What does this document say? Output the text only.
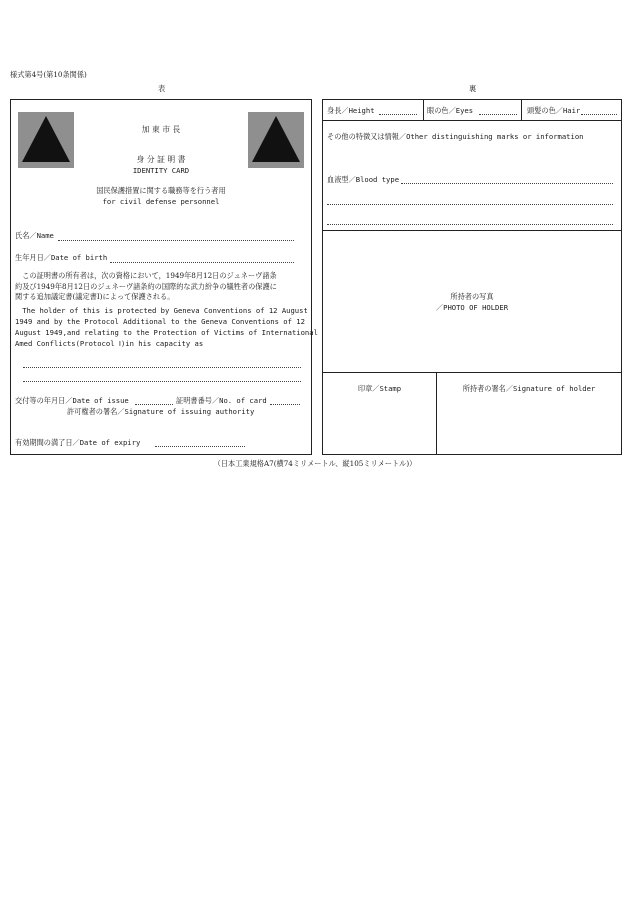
様式第4号(第10条関係)
表	裏
加 東 市 長
身 分 証 明 書
IDENTITY CARD
国民保護措置に関する職務等を行う者用
for civil defense personnel
氏名／Name
生年月日／Date of birth
　この証明書の所有者は，次の資格において，1949年8月12日のジュネーヴ諸条
約及び1949年8月12日のジュネーヴ諸条約の国際的な武力紛争の犠牲者の保護に
関する追加議定書(議定書I)によって保護される。
　The holder of this is protected by Geneva Conventions of 12 August
1949 and by the Protocol Additional to the Geneva Conventions of 12
August 1949,and relating to the Protection of Victims of International
Amed Conflicts(Protocol Ⅰ)in his capacity as
交付等の年月日／Date of issue	証明書番号／No. of card
許可権者の署名／Signature of issuing authority
有効期間の満了日／Date of expiry
身長／Height	眼の色／Eyes	頭髪の色／Hair
その他の特徴又は情報／Other distinguishing marks or information
血液型／Blood type
所持者の写真
／PHOTO OF HOLDER
印章／Stamp	所持者の署名／Signature of holder
（日本工業規格A7(横74ミリメートル、縦105ミリメートル)）
